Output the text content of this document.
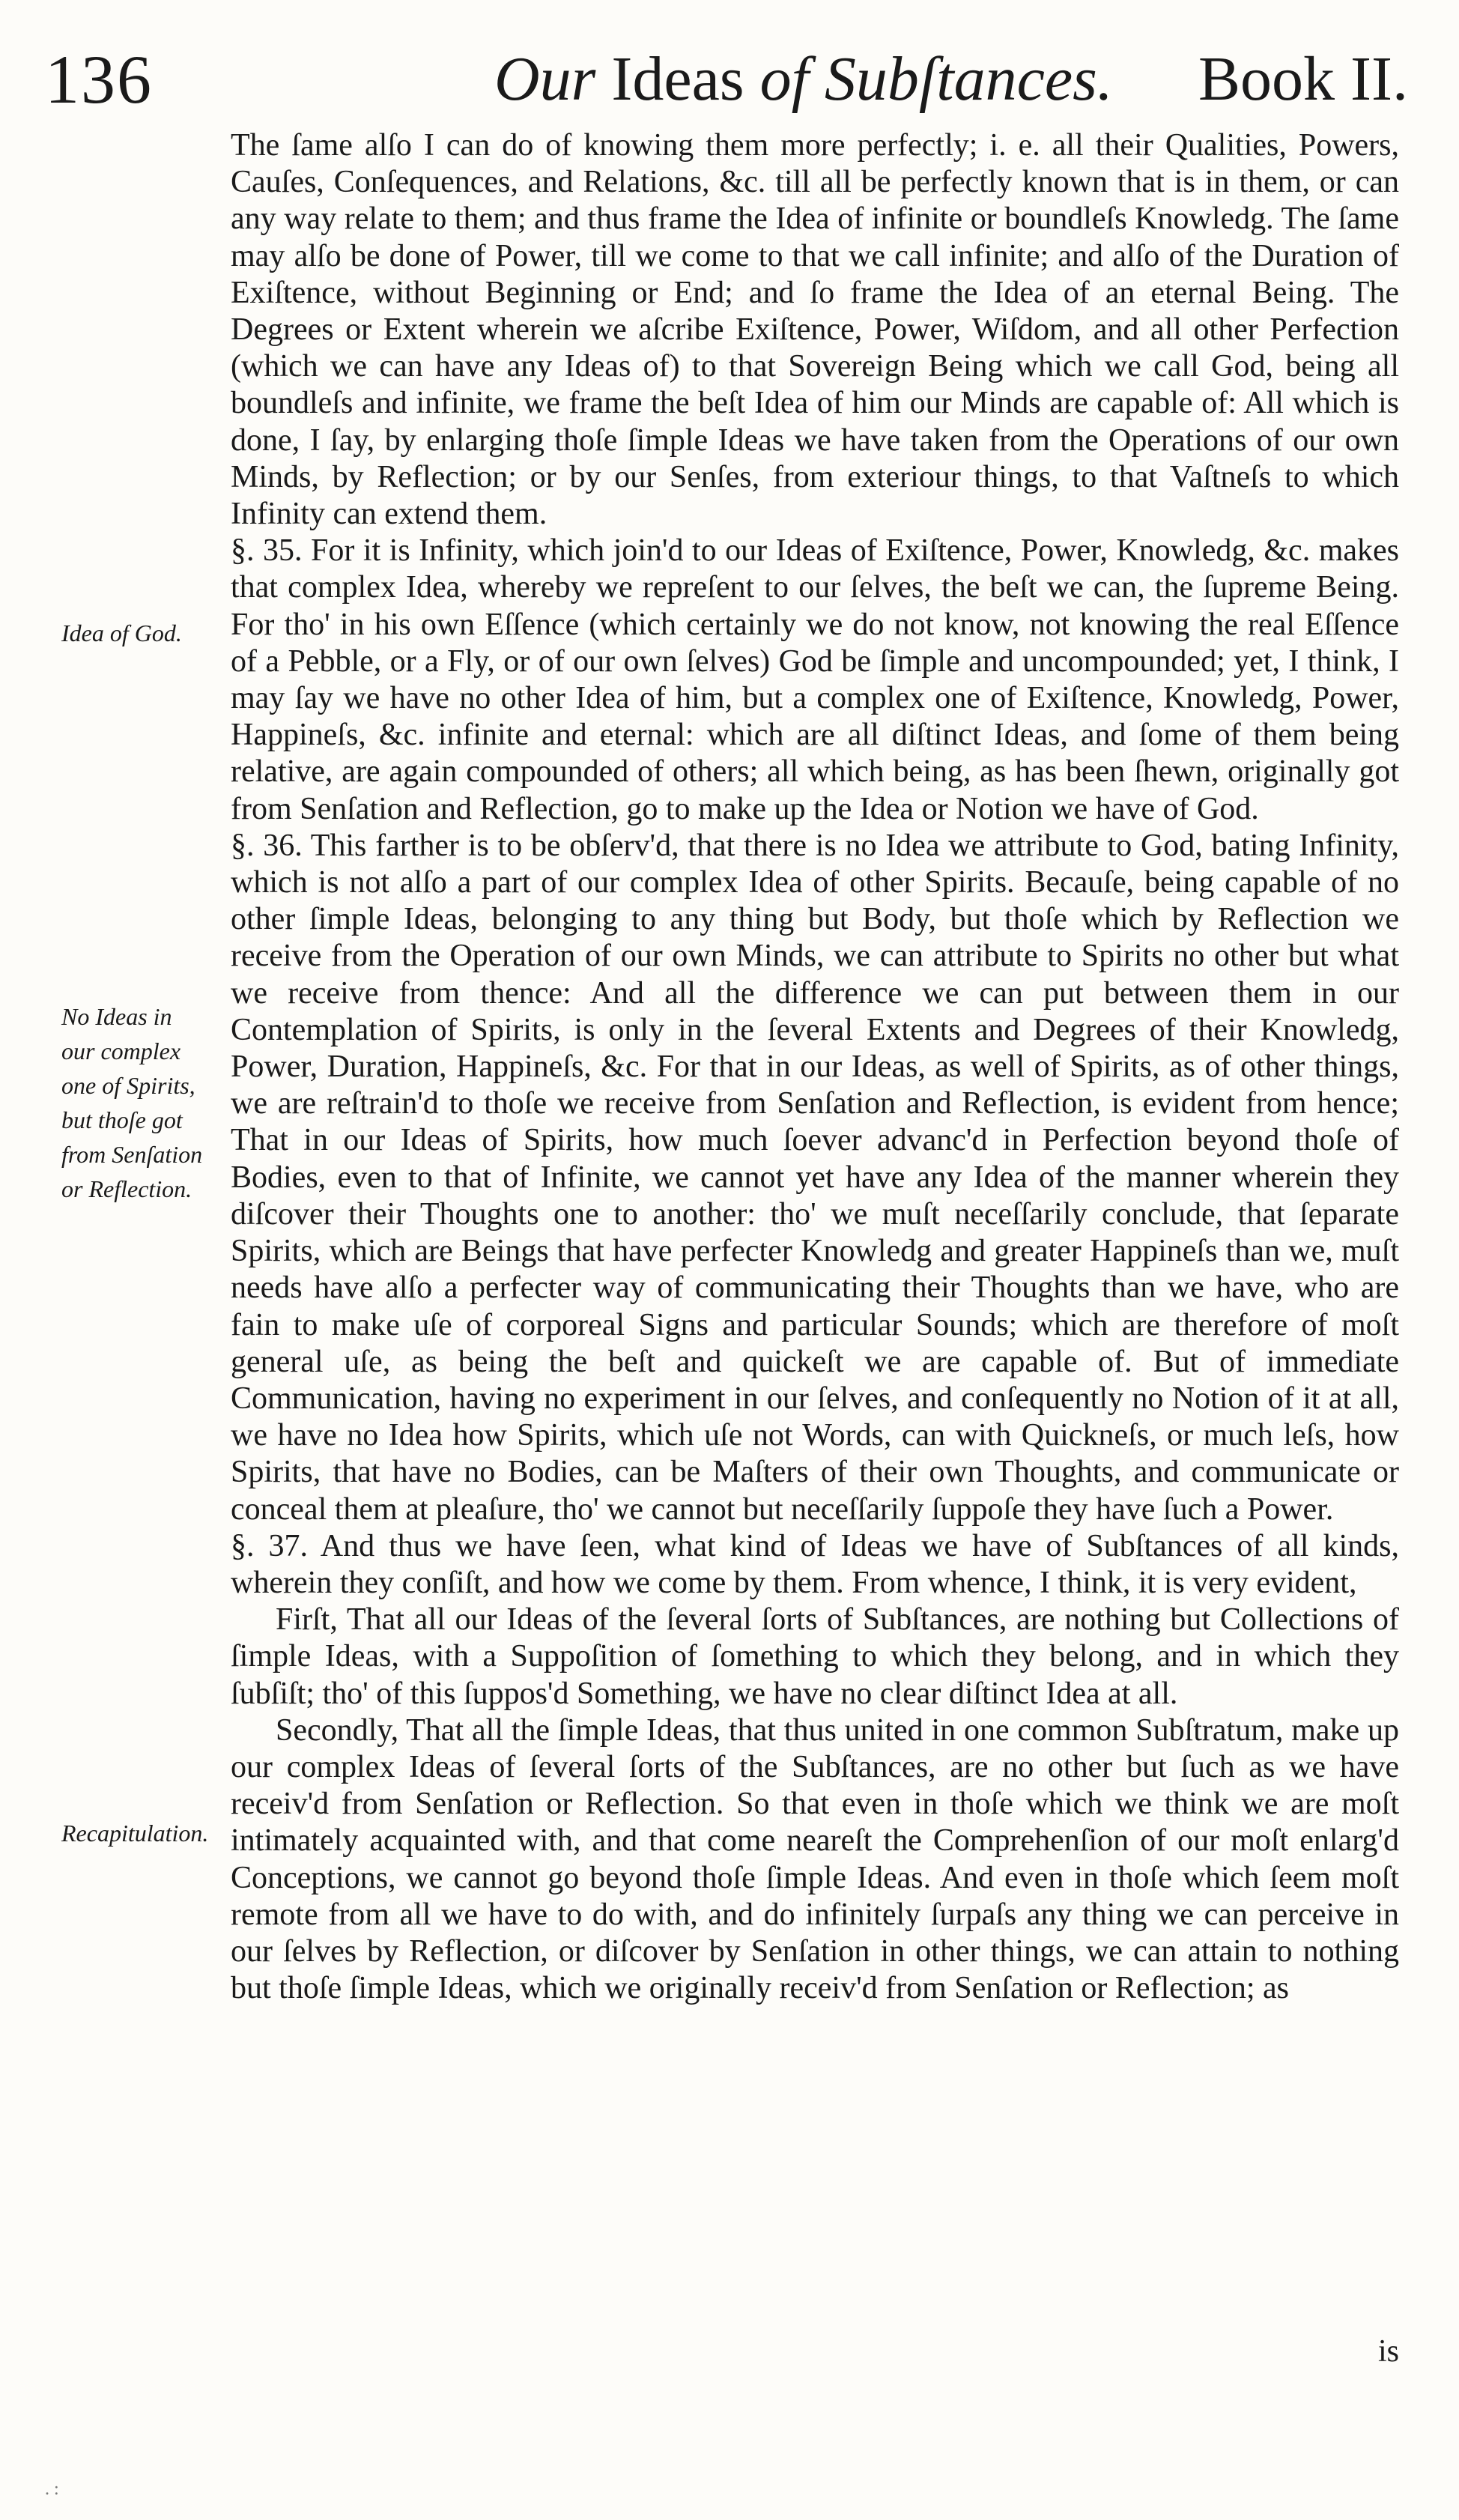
136	Our Ideas of Subſtances. Book II.
Idea of God.
No Ideas in our complex one of Spirits, but thoſe got from Senſation or Reflection.
Recapitulation.

The ſame alſo I can do of knowing them more perfectly; i. e. all their Qualities, Powers, Cauſes, Conſequences, and Relations, &c. till all be perfectly known that is in them, or can any way relate to them; and thus frame the Idea of infinite or boundleſs Knowledg. The ſame may alſo be done of Power, till we come to that we call infinite; and alſo of the Duration of Exiſtence, without Beginning or End; and ſo frame the Idea of an eternal Being. The Degrees or Extent wherein we aſcribe Exiſtence, Power, Wiſdom, and all other Perfection (which we can have any Ideas of) to that Sovereign Being which we call God, being all boundleſs and infinite, we frame the beſt Idea of him our Minds are capable of: All which is done, I ſay, by enlarging thoſe ſimple Ideas we have taken from the Operations of our own Minds, by Reflection; or by our Senſes, from exteriour things, to that Vaſtneſs to which Infinity can extend them.

§. 35. For it is Infinity, which join'd to our Ideas of Exiſtence, Power, Knowledg, &c. makes that complex Idea, whereby we repreſent to our ſelves, the beſt we can, the ſupreme Being. For tho' in his own Eſſence (which certainly we do not know, not knowing the real Eſſence of a Pebble, or a Fly, or of our own ſelves) God be ſimple and uncompounded; yet, I think, I may ſay we have no other Idea of him, but a complex one of Exiſtence, Knowledg, Power, Happineſs, &c. infinite and eternal: which are all diſtinct Ideas, and ſome of them being relative, are again compounded of others; all which being, as has been ſhewn, originally got from Senſation and Reflection, go to make up the Idea or Notion we have of God.

§. 36. This farther is to be obſerv'd, that there is no Idea we attribute to God, bating Infinity, which is not alſo a part of our complex Idea of other Spirits. Becauſe, being capable of no other ſimple Ideas, belonging to any thing but Body, but thoſe which by Reflection we receive from the Operation of our own Minds, we can attribute to Spirits no other but what we receive from thence: And all the difference we can put between them in our Contemplation of Spirits, is only in the ſeveral Extents and Degrees of their Knowledg, Power, Duration, Happineſs, &c. For that in our Ideas, as well of Spirits, as of other things, we are reſtrain'd to thoſe we receive from Senſation and Reflection, is evident from hence; That in our Ideas of Spirits, how much ſoever advanc'd in Perfection beyond thoſe of Bodies, even to that of Infinite, we cannot yet have any Idea of the manner wherein they diſcover their Thoughts one to another: tho' we muſt neceſſarily conclude, that ſeparate Spirits, which are Beings that have perfecter Knowledg and greater Happineſs than we, muſt needs have alſo a perfecter way of communicating their Thoughts than we have, who are fain to make uſe of corporeal Signs and particular Sounds; which are therefore of moſt general uſe, as being the beſt and quickeſt we are capable of. But of immediate Communication, having no experiment in our ſelves, and conſequently no Notion of it at all, we have no Idea how Spirits, which uſe not Words, can with Quickneſs, or much leſs, how Spirits, that have no Bodies, can be Maſters of their own Thoughts, and communicate or conceal them at pleaſure, tho' we cannot but neceſſarily ſuppoſe they have ſuch a Power.

§. 37. And thus we have ſeen, what kind of Ideas we have of Subſtances of all kinds, wherein they conſiſt, and how we come by them. From whence, I think, it is very evident,

Firſt, That all our Ideas of the ſeveral ſorts of Subſtances, are nothing but Collections of ſimple Ideas, with a Suppoſition of ſomething to which they belong, and in which they ſubſiſt; tho' of this ſuppos'd Something, we have no clear diſtinct Idea at all.

Secondly, That all the ſimple Ideas, that thus united in one common Subſtratum, make up our complex Ideas of ſeveral ſorts of the Subſtances, are no other but ſuch as we have receiv'd from Senſation or Reflection. So that even in thoſe which we think we are moſt intimately acquainted with, and that come neareſt the Comprehenſion of our moſt enlarg'd Conceptions, we cannot go beyond thoſe ſimple Ideas. And even in thoſe which ſeem moſt remote from all we have to do with, and do infinitely ſurpaſs any thing we can perceive in our ſelves by Reflection, or diſcover by Senſation in other things, we can attain to nothing but thoſe ſimple Ideas, which we originally receiv'd from Senſation or Reflection; as

is
. :
